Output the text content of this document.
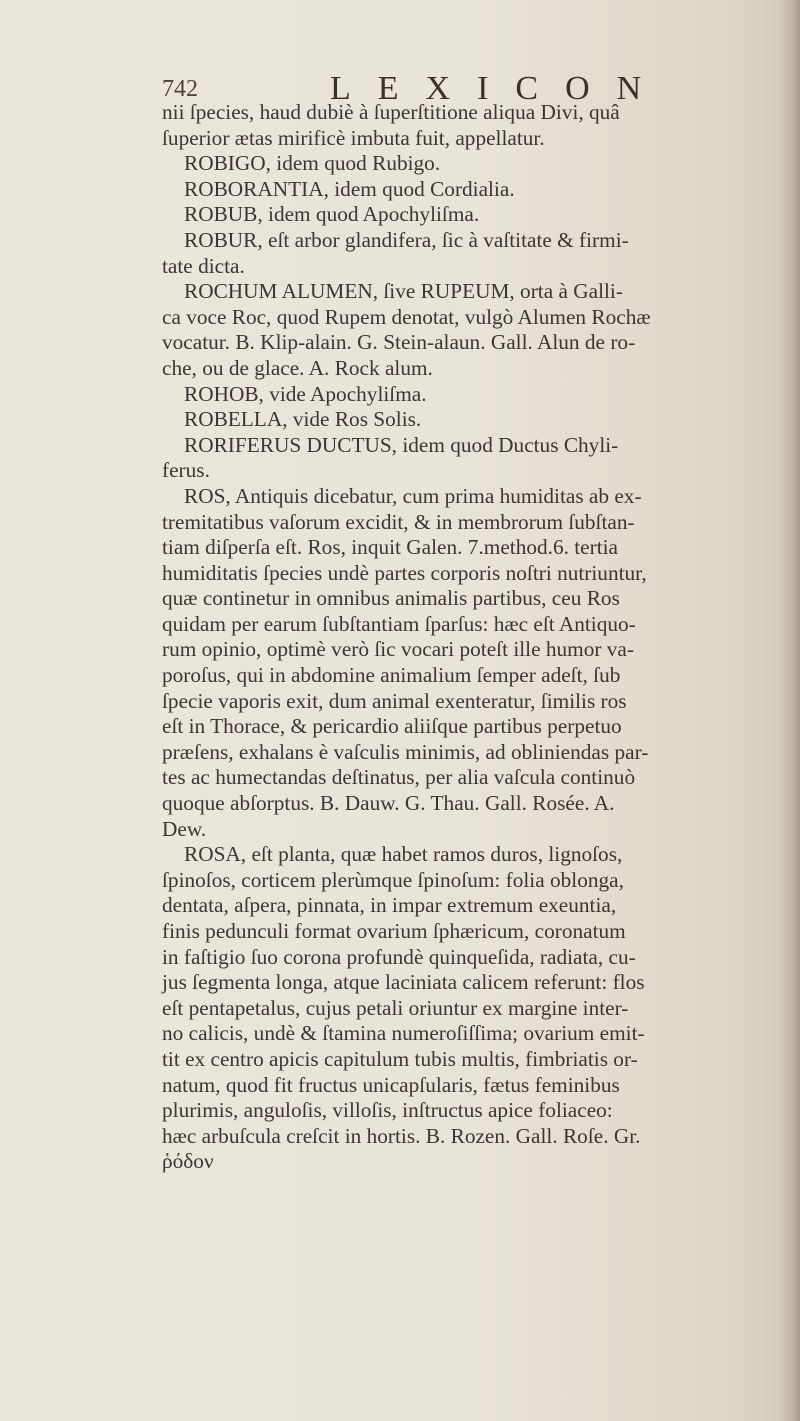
742	LEXICON
nii ſpecies, haud dubiè à ſuperſtitione aliqua Divi, quâ
ſuperior ætas mirificè imbuta fuit, appellatur.
ROBIGO, idem quod Rubigo.
ROBORANTIA, idem quod Cordialia.
ROBUB, idem quod Apochyliſma.
ROBUR, eſt arbor glandifera, ſic à vaſtitate & firmi-
tate dicta.
ROCHUM ALUMEN, ſive RUPEUM, orta à Galli-
ca voce Roc, quod Rupem denotat, vulgò Alumen Rochæ
vocatur. B. Klip-alain. G. Stein-alaun. Gall. Alun de ro-
che, ou de glace. A. Rock alum.
ROHOB, vide Apochyliſma.
ROBELLA, vide Ros Solis.
RORIFERUS DUCTUS, idem quod Ductus Chyli-
ferus.
ROS, Antiquis dicebatur, cum prima humiditas ab ex-
tremitatibus vaſorum excidit, & in membrorum ſubſtan-
tiam diſperſa eſt. Ros, inquit Galen. 7.method.6. tertia
humiditatis ſpecies undè partes corporis noſtri nutriuntur,
quæ continetur in omnibus animalis partibus, ceu Ros
quidam per earum ſubſtantiam ſparſus: hæc eſt Antiquo-
rum opinio, optimè verò ſic vocari poteſt ille humor va-
poroſus, qui in abdomine animalium ſemper adeſt, ſub
ſpecie vaporis exit, dum animal exenteratur, ſimilis ros
eſt in Thorace, & pericardio aliiſque partibus perpetuo
præſens, exhalans è vaſculis minimis, ad obliniendas par-
tes ac humectandas deſtinatus, per alia vaſcula continuò
quoque abſorptus. B. Dauw. G. Thau. Gall. Rosée. A.
Dew.
ROSA, eſt planta, quæ habet ramos duros, lignoſos,
ſpinoſos, corticem plerùmque ſpinoſum: folia oblonga,
dentata, aſpera, pinnata, in impar extremum exeuntia,
finis pedunculi format ovarium ſphæricum, coronatum
in faſtigio ſuo corona profundè quinqueſida, radiata, cu-
jus ſegmenta longa, atque laciniata calicem referunt: flos
eſt pentapetalus, cujus petali oriuntur ex margine inter-
no calicis, undè & ſtamina numeroſiſſima; ovarium emit-
tit ex centro apicis capitulum tubis multis, fimbriatis or-
natum, quod fit fructus unicapſularis, fætus feminibus
plurimis, anguloſis, villoſis, inſtructus apice foliaceo:
hæc arbuſcula creſcit in hortis. B. Rozen. Gall. Roſe. Gr.
ῥόδον
